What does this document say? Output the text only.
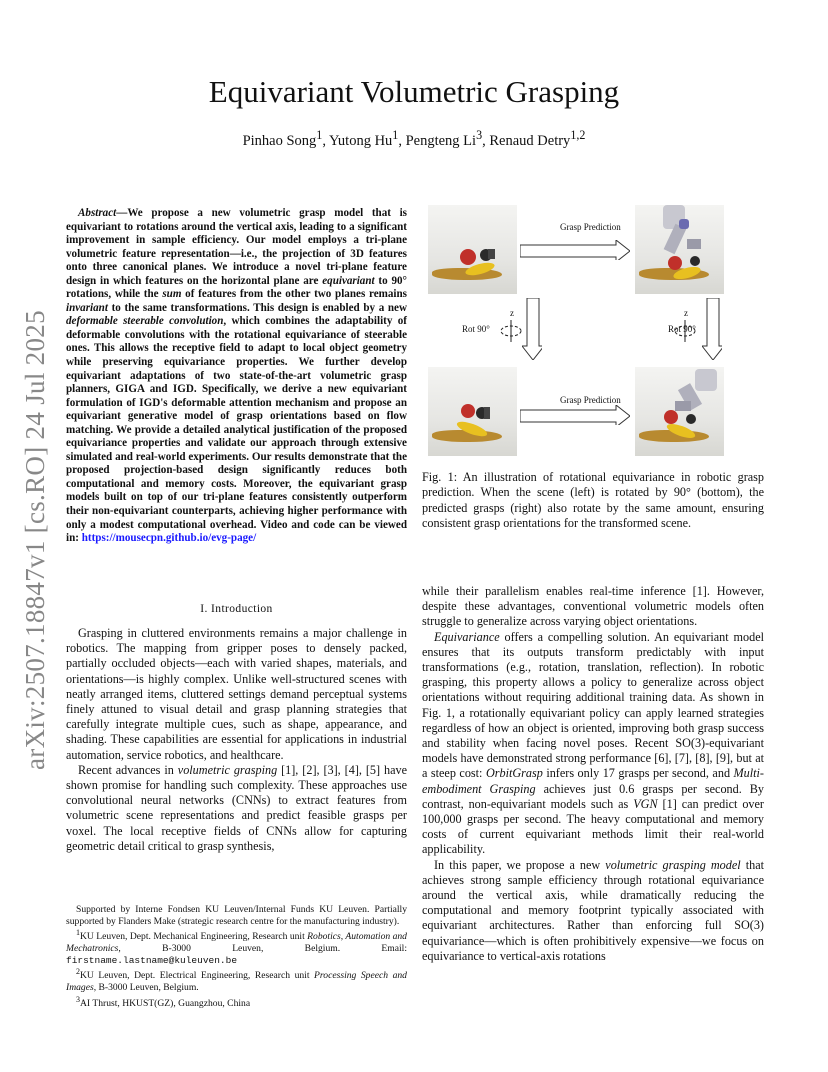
Equivariant Volumetric Grasping
Pinhao Song$^1$, Yutong Hu$^1$, Pengteng Li$^3$, Renaud Detry$^{1,2}$
arXiv:2507.18847v1 [cs.RO] 24 Jul 2025
Abstract—We propose a new volumetric grasp model that is equivariant to rotations around the vertical axis, leading to a significant improvement in sample efficiency. Our model employs a tri-plane volumetric feature representation—i.e., the projection of 3D features onto three canonical planes. We introduce a novel tri-plane feature design in which features on the horizontal plane are equivariant to 90° rotations, while the sum of features from the other two planes remains invariant to the same transformations. This design is enabled by a new deformable steerable convolution, which combines the adaptability of deformable convolutions with the rotational equivariance of steerable ones. This allows the receptive field to adapt to local object geometry while preserving equivariance properties. We further develop equivariant adaptations of two state-of-the-art volumetric grasp planners, GIGA and IGD. Specifically, we derive a new equivariant formulation of IGD's deformable attention mechanism and propose an equivariant generative model of grasp orientations based on flow matching. We provide a detailed analytical justification of the proposed equivariance properties and validate our approach through extensive simulated and real-world experiments. Our results demonstrate that the proposed projection-based design significantly reduces both computational and memory costs. Moreover, the equivariant grasp models built on top of our tri-plane features consistently outperform their non-equivariant counterparts, achieving higher performance with only a modest computational overhead. Video and code can be viewed in: https://mousecpn.github.io/evg-page/
Grasp Prediction
Rot 90°
z
Rot 90°
z
Grasp Prediction
Fig. 1: An illustration of rotational equivariance in robotic grasp prediction. When the scene (left) is rotated by 90° (bottom), the predicted grasps (right) also rotate by the same amount, ensuring consistent grasp orientations for the transformed scene.
I. Introduction

Grasping in cluttered environments remains a major challenge in robotics. The mapping from gripper poses to densely packed, partially occluded objects—each with varied shapes, materials, and orientations—is highly complex. Unlike well-structured scenes with neatly arranged items, cluttered settings demand perceptual systems finely attuned to visual detail and grasp planning strategies that carefully integrate multiple cues, such as shape, appearance, and shading. These capabilities are essential for applications in industrial automation, service robotics, and healthcare.

Recent advances in volumetric grasping [1], [2], [3], [4], [5] have shown promise for handling such complexity. These approaches use convolutional neural networks (CNNs) to extract features from volumetric scene representations and predict feasible grasps per voxel. The local receptive fields of CNNs allow for capturing geometric detail critical to grasp synthesis,

Supported by Interne Fondsen KU Leuven/Internal Funds KU Leuven. Partially supported by Flanders Make (strategic research centre for the manufacturing industry).

$^1$KU Leuven, Dept. Mechanical Engineering, Research unit Robotics, Automation and Mechatronics, B-3000 Leuven, Belgium. Email: firstname.lastname@kuleuven.be

$^2$KU Leuven, Dept. Electrical Engineering, Research unit Processing Speech and Images, B-3000 Leuven, Belgium.

$^3$AI Thrust, HKUST(GZ), Guangzhou, China

while their parallelism enables real-time inference [1]. However, despite these advantages, conventional volumetric models often struggle to generalize across varying object orientations.

Equivariance offers a compelling solution. An equivariant model ensures that its outputs transform predictably with input transformations (e.g., rotation, translation, reflection). In robotic grasping, this property allows a policy to generalize across object orientations without requiring additional training data. As shown in Fig. 1, a rotationally equivariant policy can apply learned strategies regardless of how an object is oriented, improving both grasp success and stability when facing novel poses. Recent SO(3)-equivariant models have demonstrated strong performance [6], [7], [8], [9], but at a steep cost: OrbitGrasp infers only 17 grasps per second, and Multi-embodiment Grasping achieves just 0.6 grasps per second. By contrast, non-equivariant models such as VGN [1] can predict over 100,000 grasps per second. The heavy computational and memory costs of current equivariant methods limit their real-world applicability.

In this paper, we propose a new volumetric grasping model that achieves strong sample efficiency through rotational equivariance around the vertical axis, while dramatically reducing the computational and memory footprint typically associated with equivariant architectures. Rather than enforcing full SO(3) equivariance—which is often prohibitively expensive—we focus on equivariance to vertical-axis rotations
